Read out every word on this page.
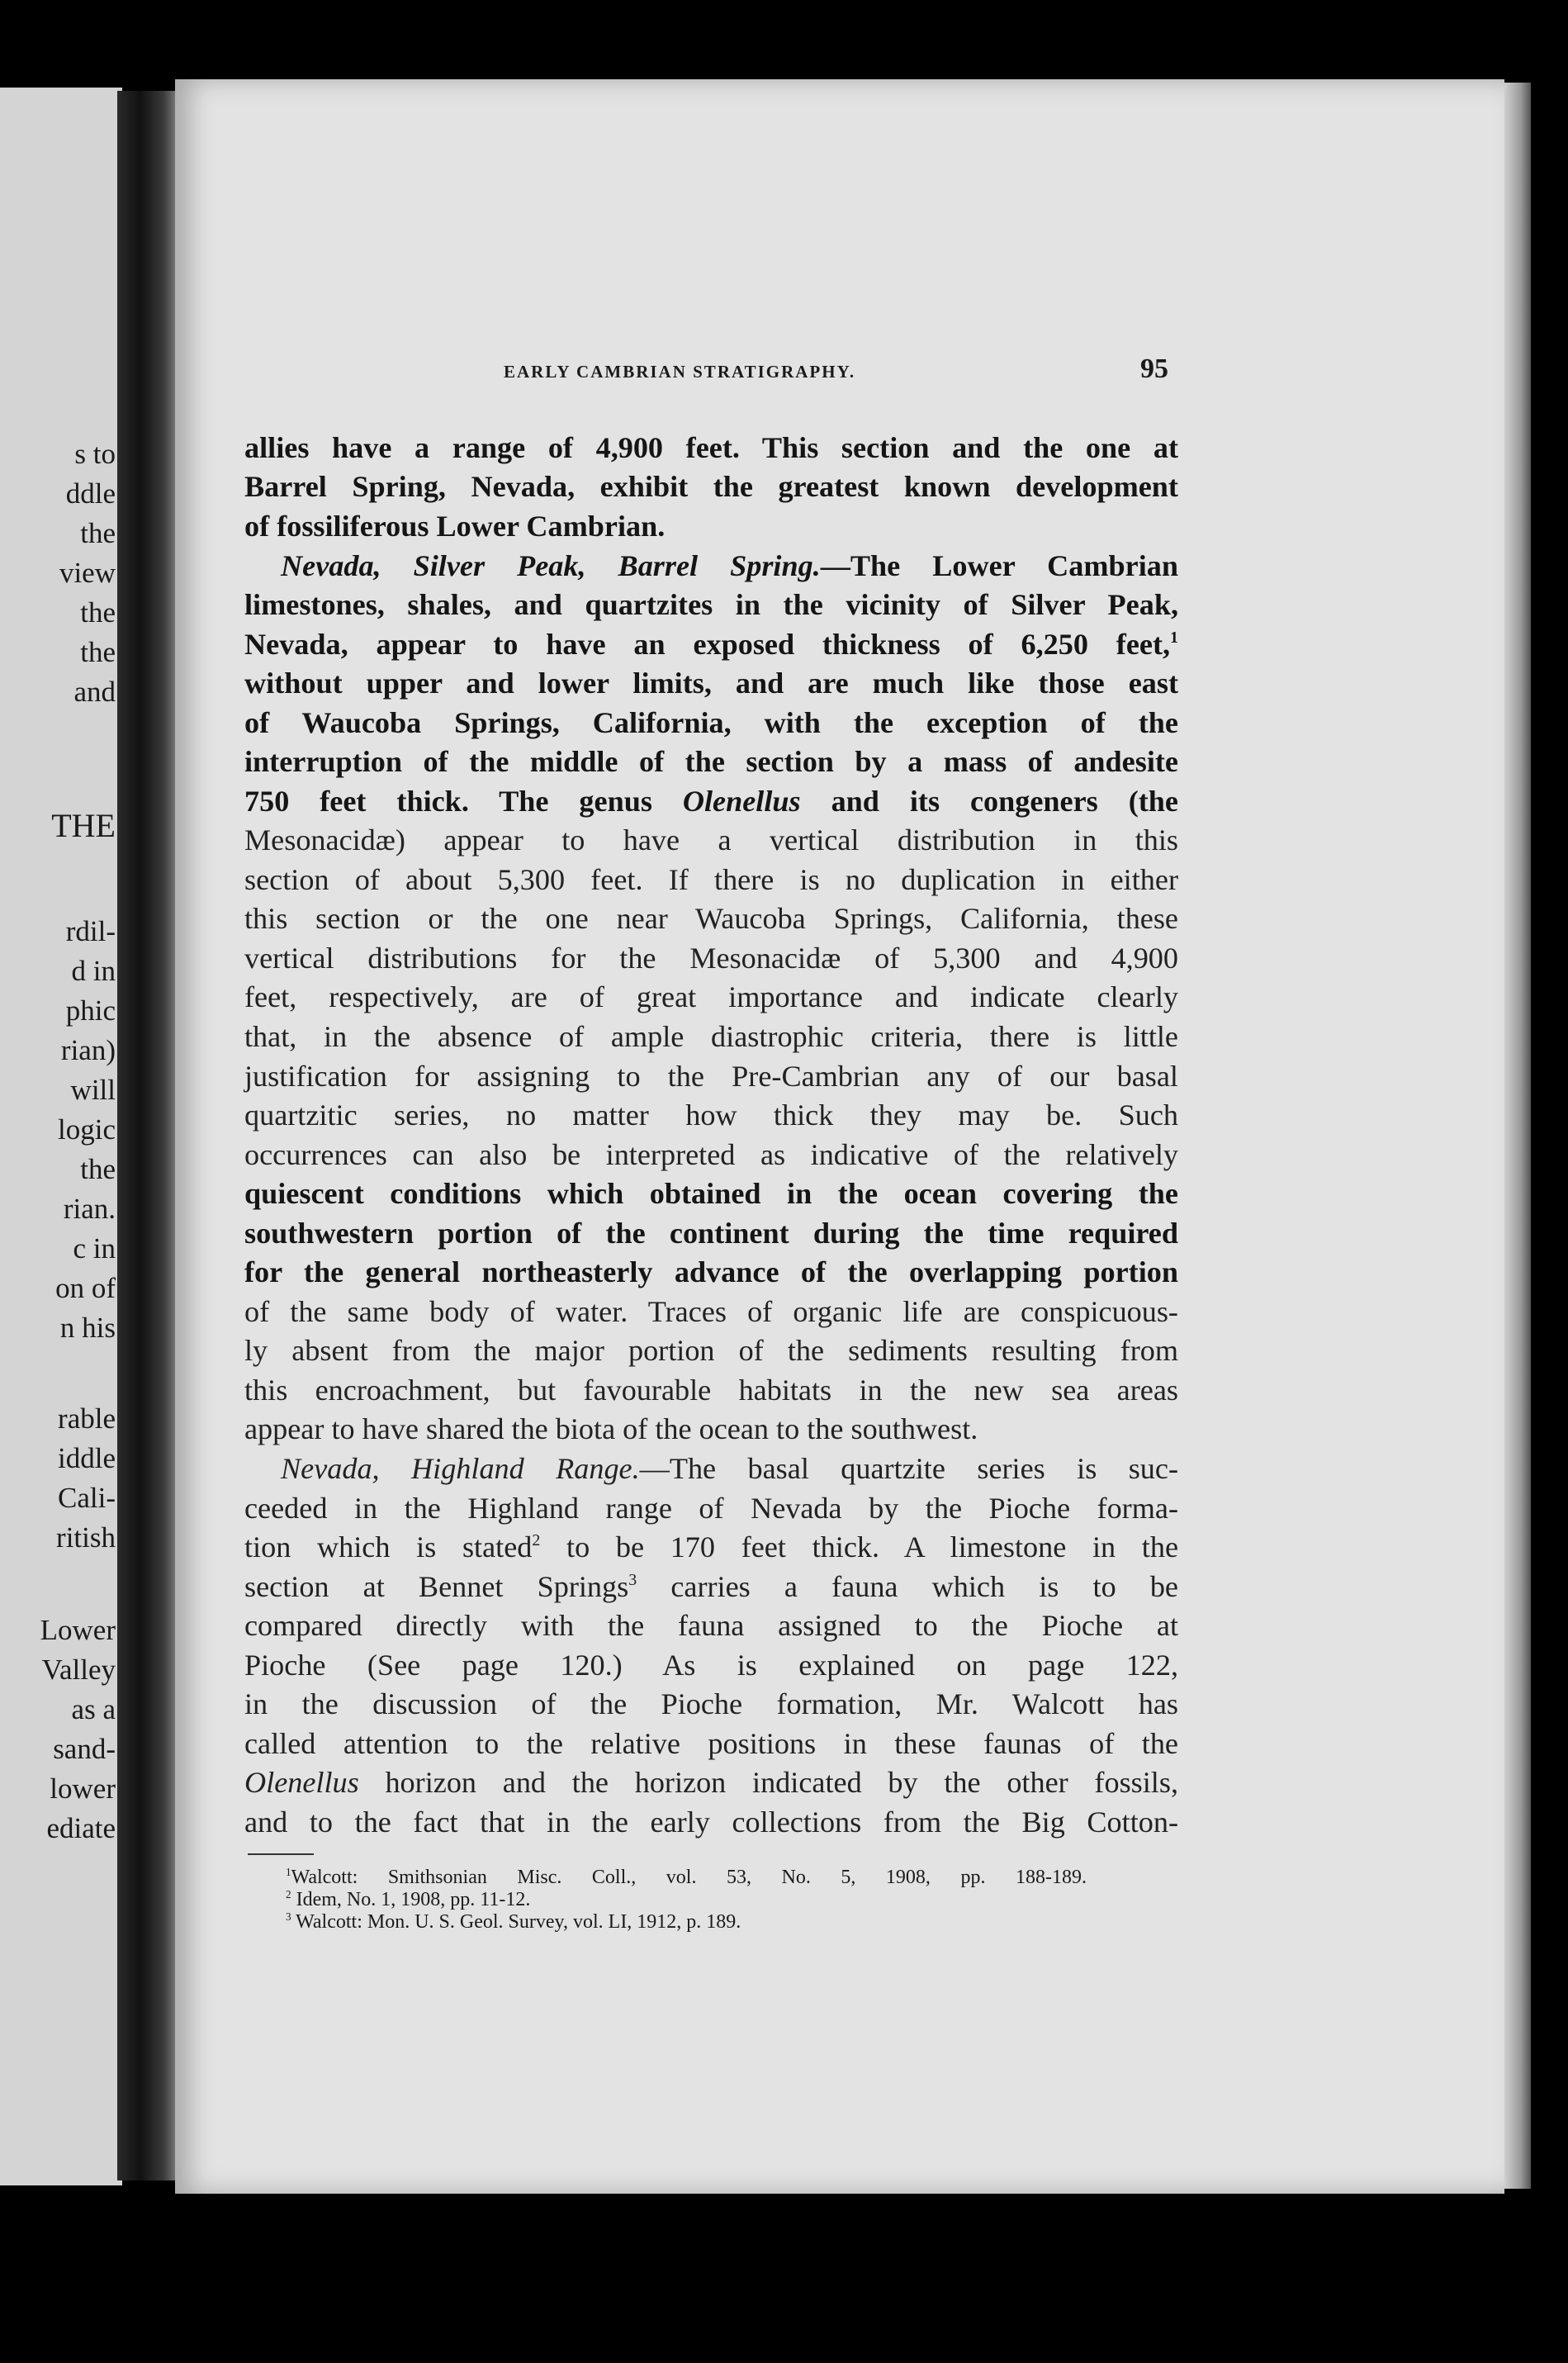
s to
ddle
the
view
the
the
and
THE
rdil-
d in
phic
rian)
will
logic
the
rian.
c in
on of
n his
rable
iddle
Cali-
ritish
Lower
Valley
as a
sand-
lower
ediate
EARLY CAMBRIAN STRATIGRAPHY.	95
allies have a range of 4,900 feet. This section and the one at
Barrel Spring, Nevada, exhibit the greatest known development
of fossiliferous Lower Cambrian.
Nevada, Silver Peak, Barrel Spring.—The Lower Cambrian
limestones, shales, and quartzites in the vicinity of Silver Peak,
Nevada, appear to have an exposed thickness of 6,250 feet,$^1$
without upper and lower limits, and are much like those east
of Waucoba Springs, California, with the exception of the
interruption of the middle of the section by a mass of andesite
750 feet thick. The genus Olenellus and its congeners (the
Mesonacidæ) appear to have a vertical distribution in this
section of about 5,300 feet. If there is no duplication in either
this section or the one near Waucoba Springs, California, these
vertical distributions for the Mesonacidæ of 5,300 and 4,900
feet, respectively, are of great importance and indicate clearly
that, in the absence of ample diastrophic criteria, there is little
justification for assigning to the Pre-Cambrian any of our basal
quartzitic series, no matter how thick they may be. Such
occurrences can also be interpreted as indicative of the relatively
quiescent conditions which obtained in the ocean covering the
southwestern portion of the continent during the time required
for the general northeasterly advance of the overlapping portion
of the same body of water. Traces of organic life are conspicuous-
ly absent from the major portion of the sediments resulting from
this encroachment, but favourable habitats in the new sea areas
appear to have shared the biota of the ocean to the southwest.
Nevada, Highland Range.—The basal quartzite series is suc-
ceeded in the Highland range of Nevada by the Pioche forma-
tion which is stated$^2$ to be 170 feet thick. A limestone in the
section at Bennet Springs$^3$ carries a fauna which is to be
compared directly with the fauna assigned to the Pioche at
Pioche (See page 120.) As is explained on page 122,
in the discussion of the Pioche formation, Mr. Walcott has
called attention to the relative positions in these faunas of the
Olenellus horizon and the horizon indicated by the other fossils,
and to the fact that in the early collections from the Big Cotton-
$^1$Walcott: Smithsonian Misc. Coll., vol. 53, No. 5, 1908, pp. 188-189.
$^2$ Idem, No. 1, 1908, pp. 11-12.
$^3$ Walcott: Mon. U. S. Geol. Survey, vol. LI, 1912, p. 189.
